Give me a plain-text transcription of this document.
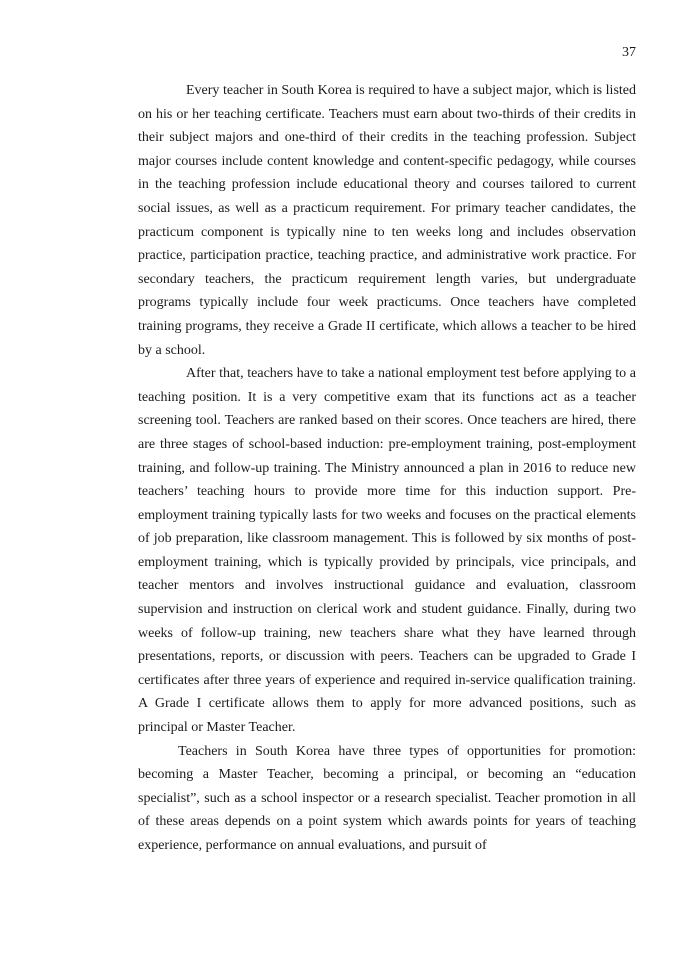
37

Every teacher in South Korea is required to have a subject major, which is listed on his or her teaching certificate. Teachers must earn about two-thirds of their credits in their subject majors and one-third of their credits in the teaching profession. Subject major courses include content knowledge and content-specific pedagogy, while courses in the teaching profession include educational theory and courses tailored to current social issues, as well as a practicum requirement. For primary teacher candidates, the practicum component is typically nine to ten weeks long and includes observation practice, participation practice, teaching practice, and administrative work practice. For secondary teachers, the practicum requirement length varies, but undergraduate programs typically include four week practicums. Once teachers have completed training programs, they receive a Grade II certificate, which allows a teacher to be hired by a school.

After that, teachers have to take a national employment test before applying to a teaching position. It is a very competitive exam that its functions act as a teacher screening tool. Teachers are ranked based on their scores. Once teachers are hired, there are three stages of school-based induction: pre-employment training, post-employment training, and follow-up training. The Ministry announced a plan in 2016 to reduce new teachers’ teaching hours to provide more time for this induction support. Pre-employment training typically lasts for two weeks and focuses on the practical elements of job preparation, like classroom management. This is followed by six months of post-employment training, which is typically provided by principals, vice principals, and teacher mentors and involves instructional guidance and evaluation, classroom supervision and instruction on clerical work and student guidance. Finally, during two weeks of follow-up training, new teachers share what they have learned through presentations, reports, or discussion with peers. Teachers can be upgraded to Grade I certificates after three years of experience and required in-service qualification training. A Grade I certificate allows them to apply for more advanced positions, such as principal or Master Teacher.

Teachers in South Korea have three types of opportunities for promotion: becoming a Master Teacher, becoming a principal, or becoming an “education specialist”, such as a school inspector or a research specialist. Teacher promotion in all of these areas depends on a point system which awards points for years of teaching experience, performance on annual evaluations, and pursuit of
